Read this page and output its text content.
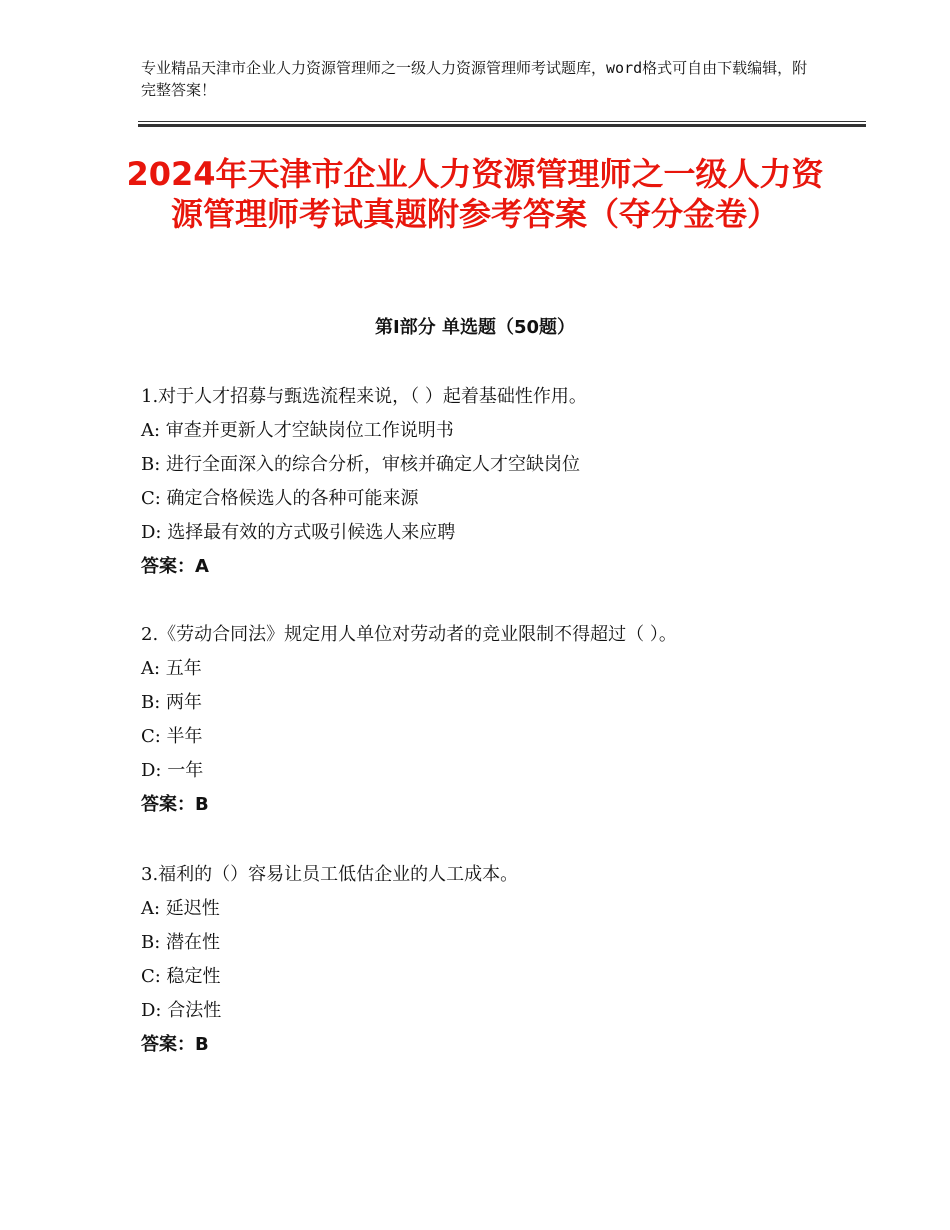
专业精品天津市企业人力资源管理师之一级人力资源管理师考试题库，word格式可自由下载编辑，附完整答案！
2024年天津市企业人力资源管理师之一级人力资源管理师考试真题附参考答案（夺分金卷）
第Ⅰ部分 单选题（50题）
1.对于人才招募与甄选流程来说，（ ）起着基础性作用。
A: 审查并更新人才空缺岗位工作说明书
B: 进行全面深入的综合分析，审核并确定人才空缺岗位
C: 确定合格候选人的各种可能来源
D: 选择最有效的方式吸引候选人来应聘
答案：A
2.《劳动合同法》规定用人单位对劳动者的竞业限制不得超过（ ）。
A: 五年
B: 两年
C: 半年
D: 一年
答案：B
3.福利的（）容易让员工低估企业的人工成本。
A: 延迟性
B: 潜在性
C: 稳定性
D: 合法性
答案：B
